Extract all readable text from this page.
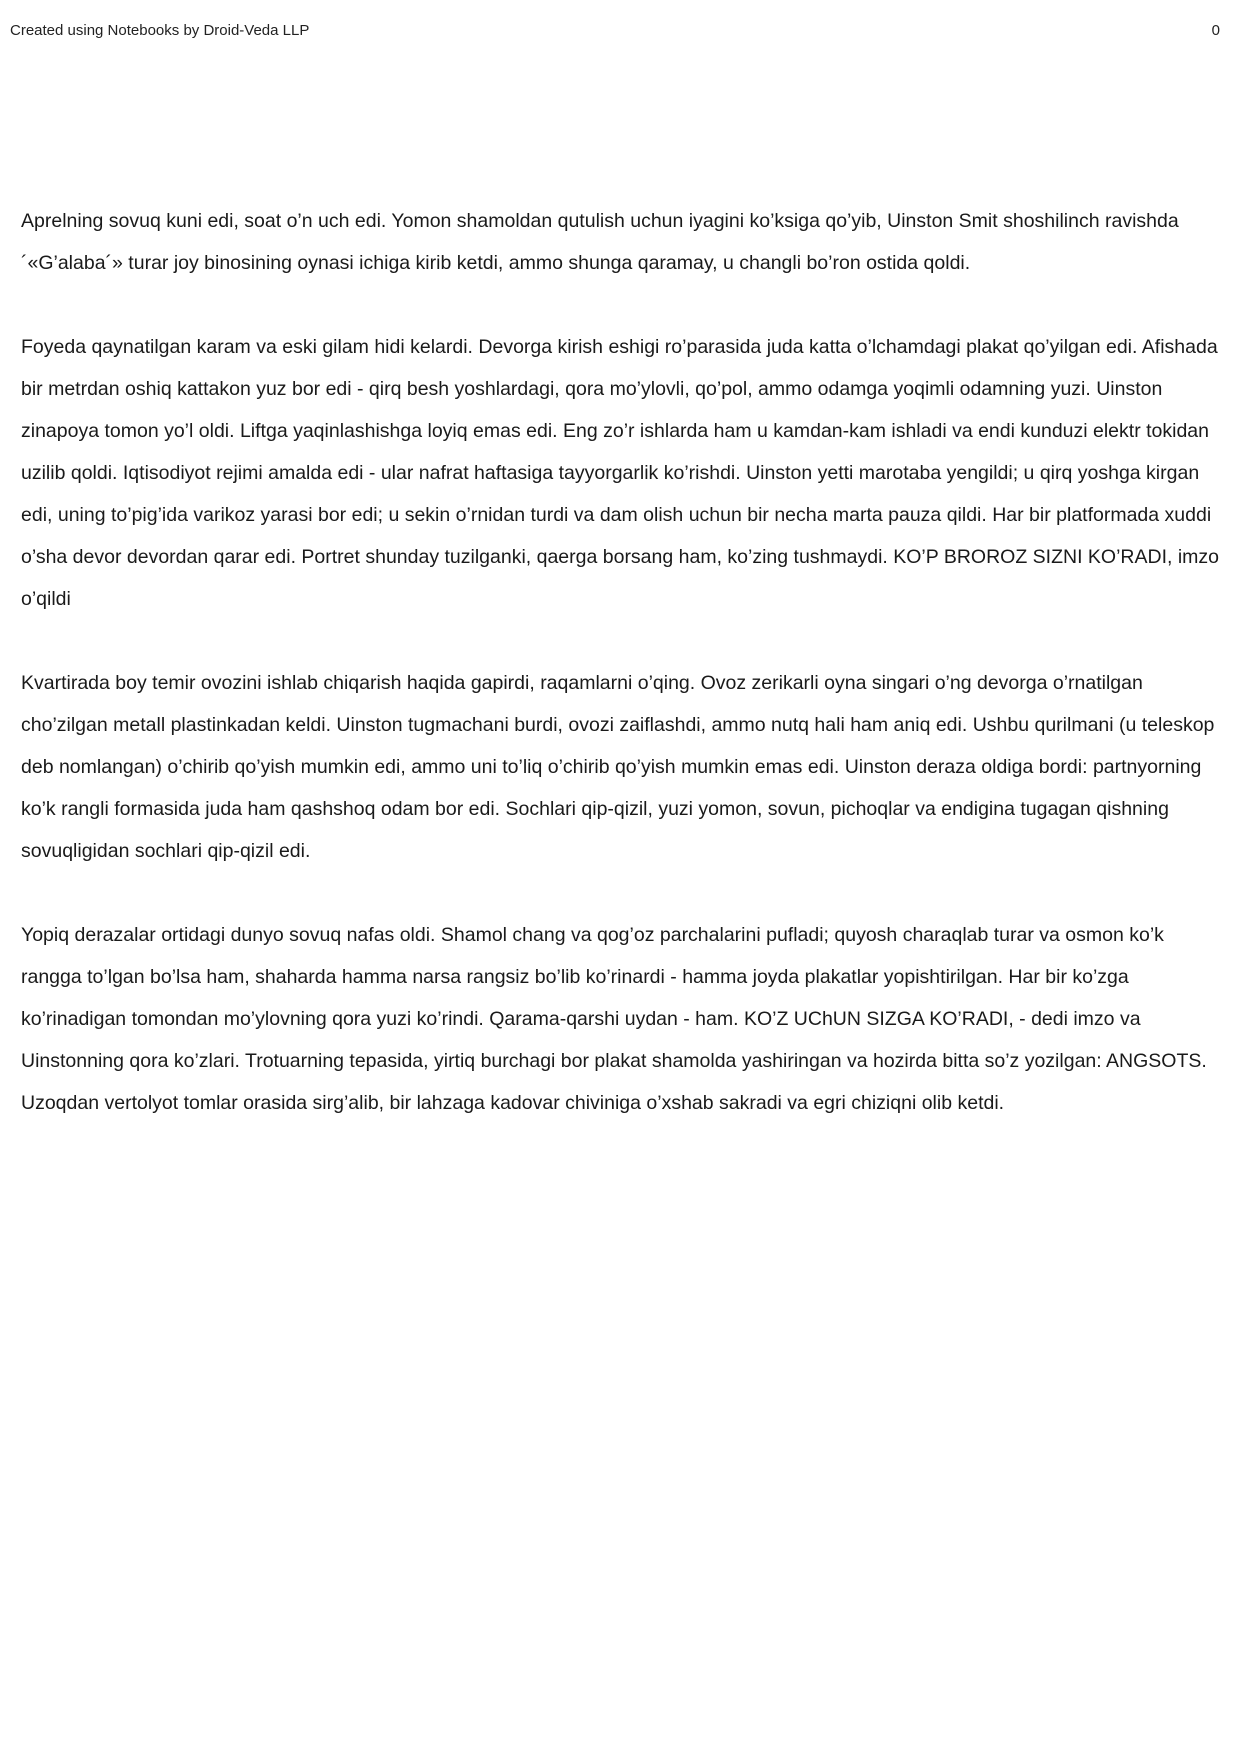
Created using Notebooks by Droid-Veda LLP	0

Aprelning sovuq kuni edi, soat o’n uch edi. Yomon shamoldan qutulish uchun iyagini ko’ksiga qo’yib, Uinston Smit shoshilinch ravishda ´«G’alaba´» turar joy binosining oynasi ichiga kirib ketdi, ammo shunga qaramay, u changli bo’ron ostida qoldi.

Foyeda qaynatilgan karam va eski gilam hidi kelardi. Devorga kirish eshigi ro’parasida juda katta o’lchamdagi plakat qo’yilgan edi. Afishada bir metrdan oshiq kattakon yuz bor edi - qirq besh yoshlardagi, qora mo’ylovli, qo’pol, ammo odamga yoqimli odamning yuzi. Uinston zinapoya tomon yo’l oldi. Liftga yaqinlashishga loyiq emas edi. Eng zo’r ishlarda ham u kamdan-kam ishladi va endi kunduzi elektr tokidan uzilib qoldi. Iqtisodiyot rejimi amalda edi - ular nafrat haftasiga tayyorgarlik ko’rishdi. Uinston yetti marotaba yengildi; u qirq yoshga kirgan edi, uning to’pig’ida varikoz yarasi bor edi; u sekin o’rnidan turdi va dam olish uchun bir necha marta pauza qildi. Har bir platformada xuddi o’sha devor devordan qarar edi. Portret shunday tuzilganki, qaerga borsang ham, ko’zing tushmaydi. KO’P BROROZ SIZNI KO’RADI, imzo o’qildi

Kvartirada boy temir ovozini ishlab chiqarish haqida gapirdi, raqamlarni o’qing. Ovoz zerikarli oyna singari o’ng devorga o’rnatilgan cho’zilgan metall plastinkadan keldi. Uinston tugmachani burdi, ovozi zaiflashdi, ammo nutq hali ham aniq edi. Ushbu qurilmani (u teleskop deb nomlangan) o’chirib qo’yish mumkin edi, ammo uni to’liq o’chirib qo’yish mumkin emas edi. Uinston deraza oldiga bordi: partnyorning ko’k rangli formasida juda ham qashshoq odam bor edi. Sochlari qip-qizil, yuzi yomon, sovun, pichoqlar va endigina tugagan qishning sovuqligidan sochlari qip-qizil edi.

Yopiq derazalar ortidagi dunyo sovuq nafas oldi. Shamol chang va qog’oz parchalarini pufladi; quyosh charaqlab turar va osmon ko’k rangga to’lgan bo’lsa ham, shaharda hamma narsa rangsiz bo’lib ko’rinardi - hamma joyda plakatlar yopishtirilgan. Har bir ko’zga ko’rinadigan tomondan mo’ylovning qora yuzi ko’rindi. Qarama-qarshi uydan - ham. KO’Z UChUN SIZGA KO’RADI, - dedi imzo va Uinstonning qora ko’zlari. Trotuarning tepasida, yirtiq burchagi bor plakat shamolda yashiringan va hozirda bitta so’z yozilgan: ANGSOTS. Uzoqdan vertolyot tomlar orasida sirg’alib, bir lahzaga kadovar chiviniga o’xshab sakradi va egri chiziqni olib ketdi.
